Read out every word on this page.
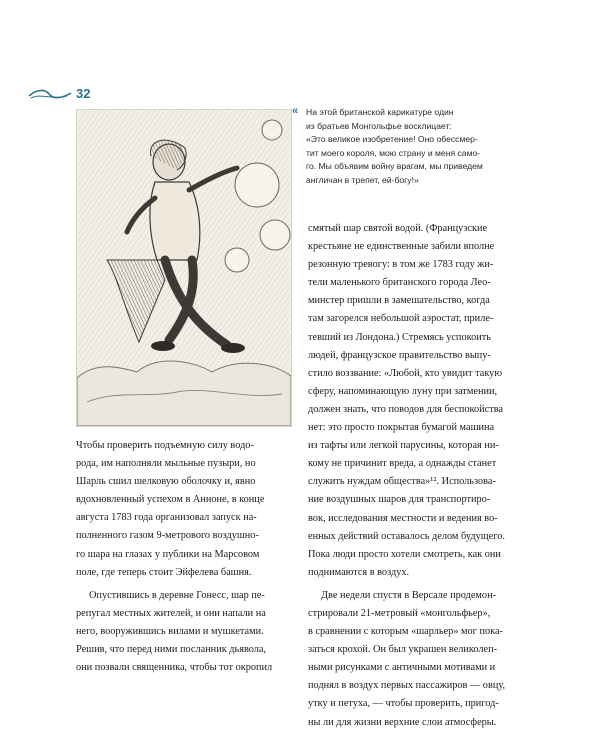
32
« На этой британской карикатуре один
из братьев Монгольфье восклицает:
«Это великое изобретение! Оно обессмер-
тит моего короля, мою страну и меня само-
го. Мы объявим войну врагам, мы приведем
англичан в трепет, ей-богу!»
Чтобы проверить подъемную силу водо-
рода, им наполняли мыльные пузыри, но
Шарль сшил шелковую оболочку и, явно
вдохновленный успехом в Анноне, в конце
августа 1783 года организовал запуск на-
полненного газом 9-метрового воздушно-
го шара на глазах у публики на Марсовом
поле, где теперь стоит Эйфелева башня.
Опустившись в деревне Гонесс, шар пе-
репугал местных жителей, и они напали на
него, вооружившись вилами и мушкетами.
Решив, что перед ними посланник дьявола,
они позвали священника, чтобы тот окропил
смятый шар святой водой. (Французские
крестьяне не единственные забили вполне
резонную тревогу: в том же 1783 году жи-
тели маленького британского города Лео-
минстер пришли в замешательство, когда
там загорелся небольшой аэростат, приле-
тевший из Лондона.) Стремясь успокоить
людей, французское правительство выпу-
стило воззвание: «Любой, кто увидит такую
сферу, напоминающую луну при затмении,
должен знать, что поводов для беспокойства
нет: это просто покрытая бумагой машина
из тафты или легкой парусины, которая ни-
кому не причинит вреда, а однажды станет
служить нуждам общества»¹². Использова-
ние воздушных шаров для транспортиро-
вок, исследования местности и ведения во-
енных действий оставалось делом будущего.
Пока люди просто хотели смотреть, как они
поднимаются в воздух.
Две недели спустя в Версале продемон-
стрировали 21-метровый «монгольфьер»,
в сравнении с которым «шарльер» мог пока-
заться крохой. Он был украшен великолеп-
ными рисунками с античными мотивами и
поднял в воздух первых пассажиров — овцу,
утку и петуха, — чтобы проверить, пригод-
ны ли для жизни верхние слои атмосферы.
